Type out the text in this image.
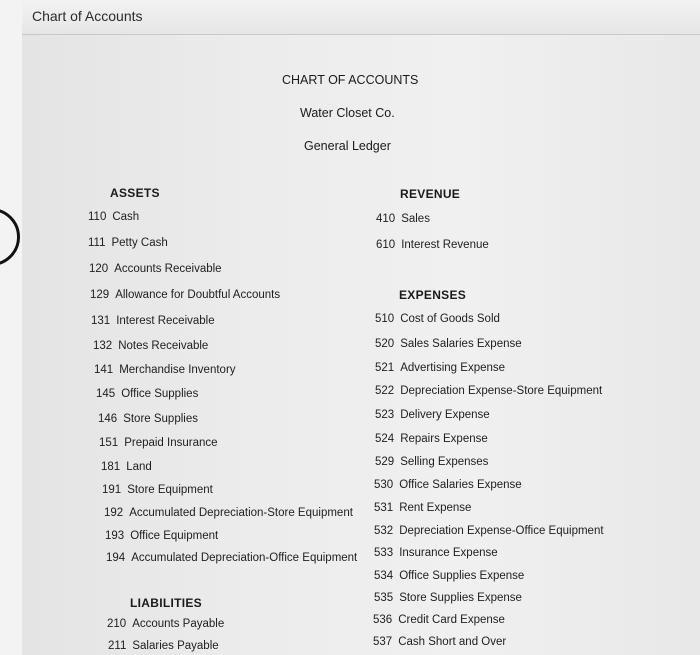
Chart of Accounts
CHART OF ACCOUNTS
Water Closet Co.
General Ledger
ASSETS	REVENUE
EXPENSES
LIABILITIES
110 Cash
111 Petty Cash
120 Accounts Receivable
129 Allowance for Doubtful Accounts
131 Interest Receivable
132 Notes Receivable
141 Merchandise Inventory
145 Office Supplies
146 Store Supplies
151 Prepaid Insurance
181 Land
191 Store Equipment
192 Accumulated Depreciation-Store Equipment
193 Office Equipment
194 Accumulated Depreciation-Office Equipment
410 Sales
610 Interest Revenue
510 Cost of Goods Sold
520 Sales Salaries Expense
521 Advertising Expense
522 Depreciation Expense-Store Equipment
523 Delivery Expense
524 Repairs Expense
529 Selling Expenses
530 Office Salaries Expense
531 Rent Expense
532 Depreciation Expense-Office Equipment
533 Insurance Expense
534 Office Supplies Expense
535 Store Supplies Expense
536 Credit Card Expense
537 Cash Short and Over
210 Accounts Payable
211 Salaries Payable
